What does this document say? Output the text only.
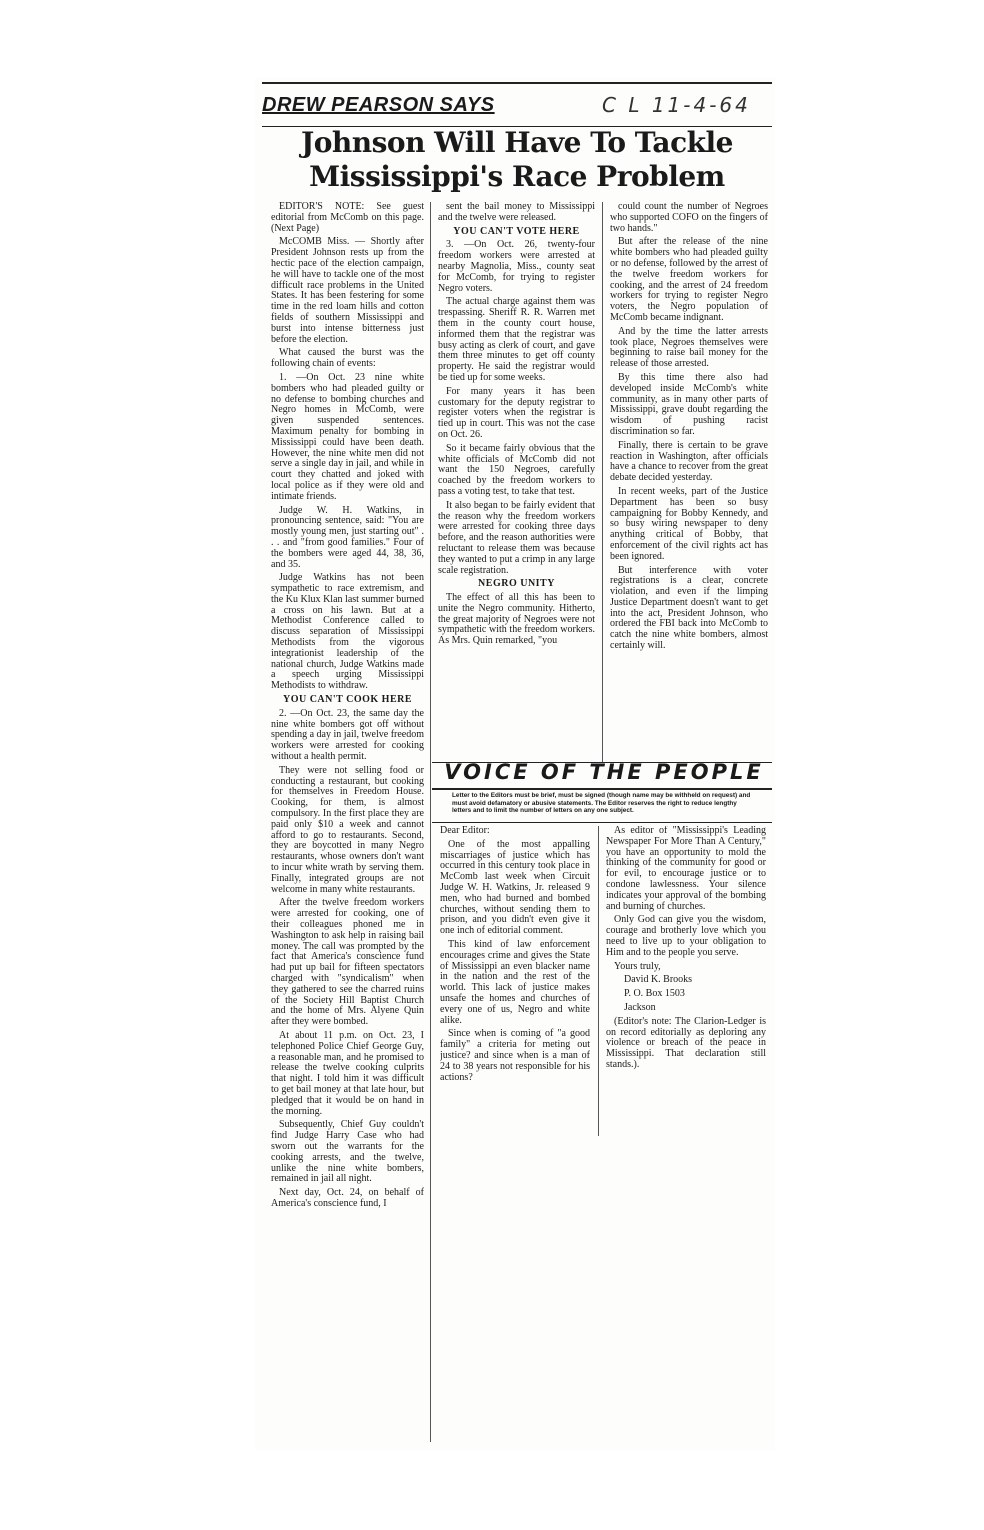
DREW PEARSON SAYS	C L 11-4-64
Johnson Will Have To Tackle
Mississippi's Race Problem

EDITOR'S NOTE: See guest editorial from McComb on this page. (Next Page)

McCOMB Miss. — Shortly after President Johnson rests up from the hectic pace of the election campaign, he will have to tackle one of the most difficult race problems in the United States. It has been festering for some time in the red loam hills and cotton fields of southern Mississippi and burst into intense bitterness just before the election.

What caused the burst was the following chain of events:

1. —On Oct. 23 nine white bombers who had pleaded guilty or no defense to bombing churches and Negro homes in McComb, were given suspended sentences. Maximum penalty for bombing in Mississippi could have been death. However, the nine white men did not serve a single day in jail, and while in court they chatted and joked with local police as if they were old and intimate friends.

Judge W. H. Watkins, in pronouncing sentence, said: "You are mostly young men, just starting out" . . . and "from good families." Four of the bombers were aged 44, 38, 36, and 35.

Judge Watkins has not been sympathetic to race extremism, and the Ku Klux Klan last summer burned a cross on his lawn. But at a Methodist Conference called to discuss separation of Mississippi Methodists from the vigorous integrationist leadership of the national church, Judge Watkins made a speech urging Mississippi Methodists to withdraw.

YOU CAN'T COOK HERE

2. —On Oct. 23, the same day the nine white bombers got off without spending a day in jail, twelve freedom workers were arrested for cooking without a health permit.

They were not selling food or conducting a restaurant, but cooking for themselves in Freedom House. Cooking, for them, is almost compulsory. In the first place they are paid only $10 a week and cannot afford to go to restaurants. Second, they are boycotted in many Negro restaurants, whose owners don't want to incur white wrath by serving them. Finally, integrated groups are not welcome in many white restaurants.

After the twelve freedom workers were arrested for cooking, one of their colleagues phoned me in Washington to ask help in raising bail money. The call was prompted by the fact that America's conscience fund had put up bail for fifteen spectators charged with "syndicalism" when they gathered to see the charred ruins of the Society Hill Baptist Church and the home of Mrs. Alyene Quin after they were bombed.

At about 11 p.m. on Oct. 23, I telephoned Police Chief George Guy, a reasonable man, and he promised to release the twelve cooking culprits that night. I told him it was difficult to get bail money at that late hour, but pledged that it would be on hand in the morning.

Subsequently, Chief Guy couldn't find Judge Harry Case who had sworn out the warrants for the cooking arrests, and the twelve, unlike the nine white bombers, remained in jail all night.

Next day, Oct. 24, on behalf of America's conscience fund, I

sent the bail money to Mississippi and the twelve were released.

YOU CAN'T VOTE HERE

3. —On Oct. 26, twenty-four freedom workers were arrested at nearby Magnolia, Miss., county seat for McComb, for trying to register Negro voters.

The actual charge against them was trespassing. Sheriff R. R. Warren met them in the county court house, informed them that the registrar was busy acting as clerk of court, and gave them three minutes to get off county property. He said the registrar would be tied up for some weeks.

For many years it has been customary for the deputy registrar to register voters when the registrar is tied up in court. This was not the case on Oct. 26.

So it became fairly obvious that the white officials of McComb did not want the 150 Negroes, carefully coached by the freedom workers to pass a voting test, to take that test.

It also began to be fairly evident that the reason why the freedom workers were arrested for cooking three days before, and the reason authorities were reluctant to release them was because they wanted to put a crimp in any large scale registration.

NEGRO UNITY

The effect of all this has been to unite the Negro community. Hitherto, the great majority of Negroes were not sympathetic with the freedom workers. As Mrs. Quin remarked, "you

could count the number of Negroes who supported COFO on the fingers of two hands."

But after the release of the nine white bombers who had pleaded guilty or no defense, followed by the arrest of the twelve freedom workers for cooking, and the arrest of 24 freedom workers for trying to register Negro voters, the Negro population of McComb became indignant.

And by the time the latter arrests took place, Negroes themselves were beginning to raise bail money for the release of those arrested.

By this time there also had developed inside McComb's white community, as in many other parts of Mississippi, grave doubt regarding the wisdom of pushing racist discrimination so far.

Finally, there is certain to be grave reaction in Washington, after officials have a chance to recover from the great debate decided yesterday.

In recent weeks, part of the Justice Department has been so busy campaigning for Bobby Kennedy, and so busy wiring newspaper to deny anything critical of Bobby, that enforcement of the civil rights act has been ignored.

But interference with voter registrations is a clear, concrete violation, and even if the limping Justice Department doesn't want to get into the act, President Johnson, who ordered the FBI back into McComb to catch the nine white bombers, almost certainly will.

VOICE OF THE PEOPLE
Letter to the Editors must be brief, must be signed (though name may be withheld on request) and must avoid defamatory or abusive statements. The Editor reserves the right to reduce lengthy letters and to limit the number of letters on any one subject.

Dear Editor:

One of the most appalling miscarriages of justice which has occurred in this century took place in McComb last week when Circuit Judge W. H. Watkins, Jr. released 9 men, who had burned and bombed churches, without sending them to prison, and you didn't even give it one inch of editorial comment.

This kind of law enforcement encourages crime and gives the State of Mississippi an even blacker name in the nation and the rest of the world. This lack of justice makes unsafe the homes and churches of every one of us, Negro and white alike.

Since when is coming of "a good family" a criteria for meting out justice? and since when is a man of 24 to 38 years not responsible for his actions?

As editor of "Mississippi's Leading Newspaper For More Than A Century," you have an opportunity to mold the thinking of the community for good or for evil, to encourage justice or to condone lawlessness. Your silence indicates your approval of the bombing and burning of churches.

Only God can give you the wisdom, courage and brotherly love which you need to live up to your obligation to Him and to the people you serve.

Yours truly,

David K. Brooks

P. O. Box 1503

Jackson

(Editor's note: The Clarion-Ledger is on record editorially as deploring any violence or breach of the peace in Mississippi. That declaration still stands.).
